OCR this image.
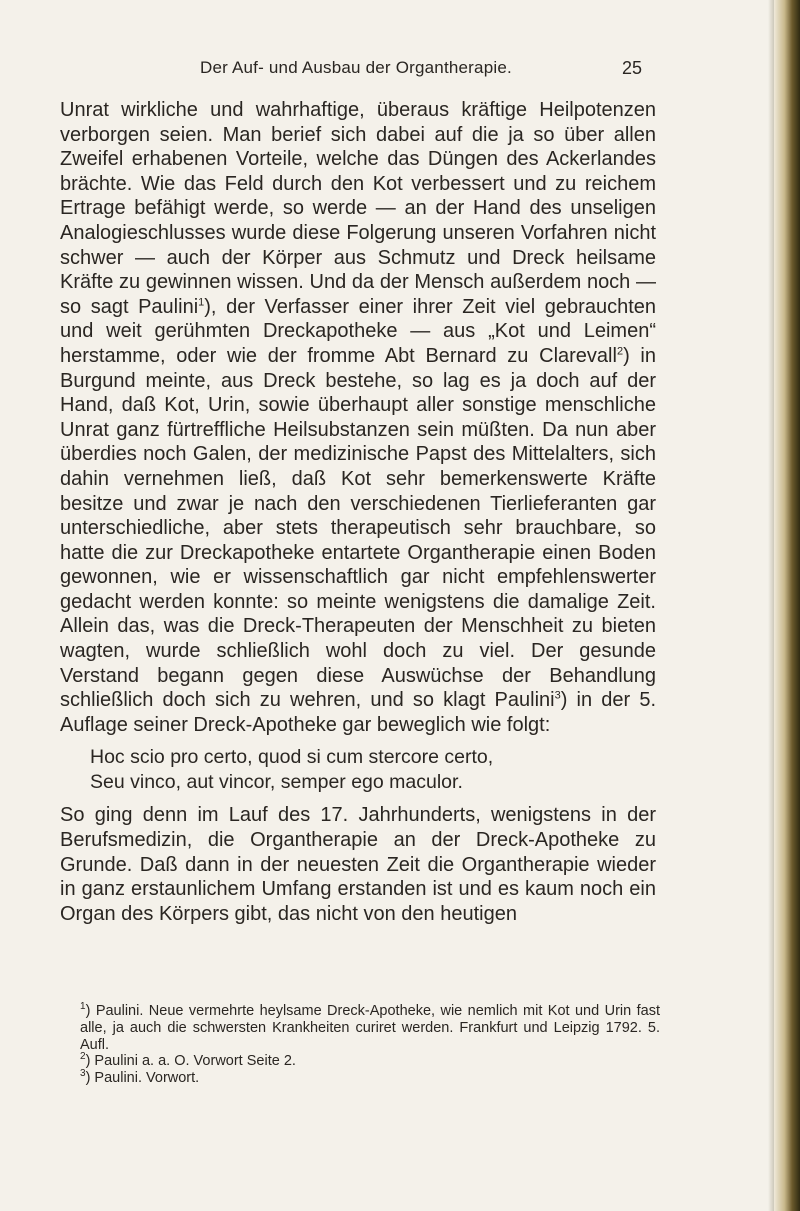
Der Auf- und Ausbau der Organtherapie.	25

Unrat wirkliche und wahrhaftige, überaus kräftige Heilpotenzen verborgen seien. Man berief sich dabei auf die ja so über allen Zweifel erhabenen Vorteile, welche das Düngen des Ackerlandes brächte. Wie das Feld durch den Kot verbessert und zu reichem Ertrage befähigt werde, so werde — an der Hand des unseligen Analogieschlusses wurde diese Folgerung unseren Vorfahren nicht schwer — auch der Körper aus Schmutz und Dreck heilsame Kräfte zu gewinnen wissen. Und da der Mensch außerdem noch — so sagt Paulini$^1$), der Verfasser einer ihrer Zeit viel gebrauchten und weit gerühmten Dreckapotheke — aus „Kot und Leimen“ herstamme, oder wie der fromme Abt Bernard zu Clarevall$^2$) in Burgund meinte, aus Dreck bestehe, so lag es ja doch auf der Hand, daß Kot, Urin, sowie überhaupt aller sonstige menschliche Unrat ganz fürtreffliche Heilsubstanzen sein müßten. Da nun aber überdies noch Galen, der medizinische Papst des Mittelalters, sich dahin vernehmen ließ, daß Kot sehr bemerkenswerte Kräfte besitze und zwar je nach den verschiedenen Tierlieferanten gar unterschiedliche, aber stets therapeutisch sehr brauchbare, so hatte die zur Dreckapotheke entartete Organtherapie einen Boden gewonnen, wie er wissenschaftlich gar nicht empfehlenswerter gedacht werden konnte: so meinte wenigstens die damalige Zeit. Allein das, was die Dreck-Therapeuten der Menschheit zu bieten wagten, wurde schließlich wohl doch zu viel. Der gesunde Verstand begann gegen diese Auswüchse der Behandlung schließlich doch sich zu wehren, und so klagt Paulini$^3$) in der 5. Auflage seiner Dreck-Apotheke gar beweglich wie folgt:

Hoc scio pro certo, quod si cum stercore certo,
Seu vinco, aut vincor, semper ego maculor.

So ging denn im Lauf des 17. Jahrhunderts, wenigstens in der Berufsmedizin, die Organtherapie an der Dreck-Apotheke zu Grunde. Daß dann in der neuesten Zeit die Organtherapie wieder in ganz erstaunlichem Umfang erstanden ist und es kaum noch ein Organ des Körpers gibt, das nicht von den heutigen

$^1$) Paulini. Neue vermehrte heylsame Dreck-Apotheke, wie nemlich mit Kot und Urin fast alle, ja auch die schwersten Krankheiten curiret werden. Frankfurt und Leipzig 1792. 5. Aufl.

$^2$) Paulini a. a. O. Vorwort Seite 2.

$^3$) Paulini. Vorwort.
